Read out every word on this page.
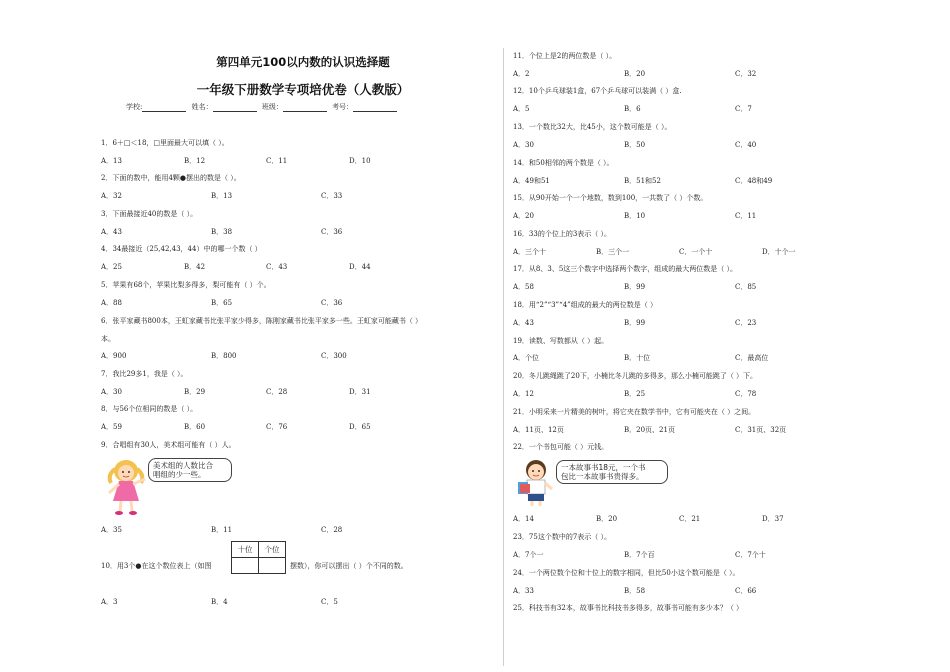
第四单元100以内数的认识选择题
一年级下册数学专项培优卷（人教版）
学校:	姓名：	班级：	考号：
1．6＋□＜18，□里面最大可以填（ ）。
A．13	B．12	C．11	D．10
2．下面的数中，能用4颗●摆出的数是（ ）。
A．32	B．13	C．33
3．下面最接近40的数是（ ）。
A．43	B．38	C．36
4．34最接近（25,42,43，44）中的哪一个数（ ）
A．25	B．42	C．43	D．44
5．苹果有68个，苹果比梨多得多，梨可能有（ ）个。
A．88	B．65	C．36
6．张平家藏书800本，王虹家藏书比张平家少得多，陈刚家藏书比张平家多一些。王虹家可能藏书（ ）
本。
A．900	B．800	C．300
7．我比29多1，我是（ ）。
A．30	B．29	C．28	D．31
8．与56个位相同的数是（ ）。
A．59	B．60	C．76	D．65
9．合唱组有30人，美术组可能有（ ）人。
美术组的人数比合
唱组的少一些。
A．35	B．11	C．28
十位	个位

10．用3个●在这个数位表上（如图	摆数），你可以摆出（ ）个不同的数。
A．3	B．4	C．5
11．个位上是2的两位数是（ ）。
A．2	B．20	C．32
12．10个乒乓球装1盒，67个乒乓球可以装满（ ）盒.
A．5	B．6	C．7
13．一个数比32大，比45小，这个数可能是（ ）。
A．30	B．50	C．40
14．和50相邻的两个数是（ ）。
A．49和51	B．51和52	C．48和49
15．从90开始一个一个地数，数到100，一共数了（ ）个数。
A．20	B．10	C．11
16．33的个位上的3表示（ ）。
A．三个十	B．三个一	C．一个十	D．十个一
17．从8、3、5这三个数字中选择两个数字，组成的最大两位数是（ ）。
A．58	B．99	C．85
18．用“2”“3”“4”组成的最大的两位数是（ ）
A．43	B．99	C．23
19．读数、写数都从（ ）起。
A．个位	B．十位	C．最高位
20．冬儿跳绳跳了20下，小楠比冬儿跳的多得多，那么小楠可能跳了（ ）下。
A．12	B．25	C．78
21．小明采来一片精美的树叶，将它夹在数学书中，它有可能夹在（ ）之间。
A．11页、12页	B．20页、21页	C．31页、32页
22．一个书包可能（ ）元钱。
一本故事书18元，一个书
包比一本故事书贵得多。
A．14	B．20	C．21	D．37
23．75这个数中的7表示（ ）。
A．7个一	B．7个百	C．7个十
24．一个两位数个位和十位上的数字相同，但比50小这个数可能是（ ）。
A．33	B．58	C．66
25．科技书有32本，故事书比科技书多得多，故事书可能有多少本？（ ）
